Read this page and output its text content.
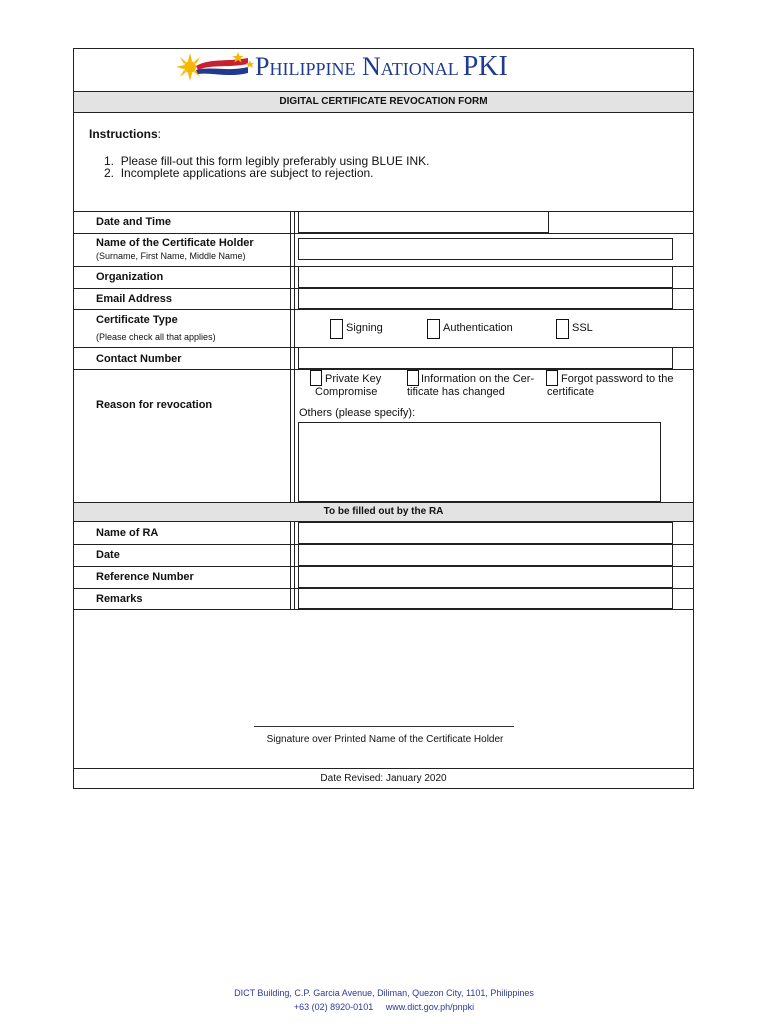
Philippine National PKI
DIGITAL CERTIFICATE REVOCATION FORM
Instructions:
1.  Please fill-out this form legibly preferably using BLUE INK.
2.  Incomplete applications are subject to rejection.
Date and Time
Name of the Certificate Holder
(Surname, First Name, Middle Name)
Organization
Email Address
Certificate Type
(Please check all that applies)
Contact Number
Reason for revocation
Signing	Authentication	SSL
Private Key
Compromise
Information on the Cer-
tificate has changed
Forgot password to the
certificate
Others (please specify):
To be filled out by the RA
Name of RA
Date
Reference Number
Remarks
Signature over Printed Name of the Certificate Holder
Date Revised: January 2020
DICT Building, C.P. Garcia Avenue, Diliman, Quezon City, 1101, Philippines
+63 (02) 8920-0101 www.dict.gov.ph/pnpki
